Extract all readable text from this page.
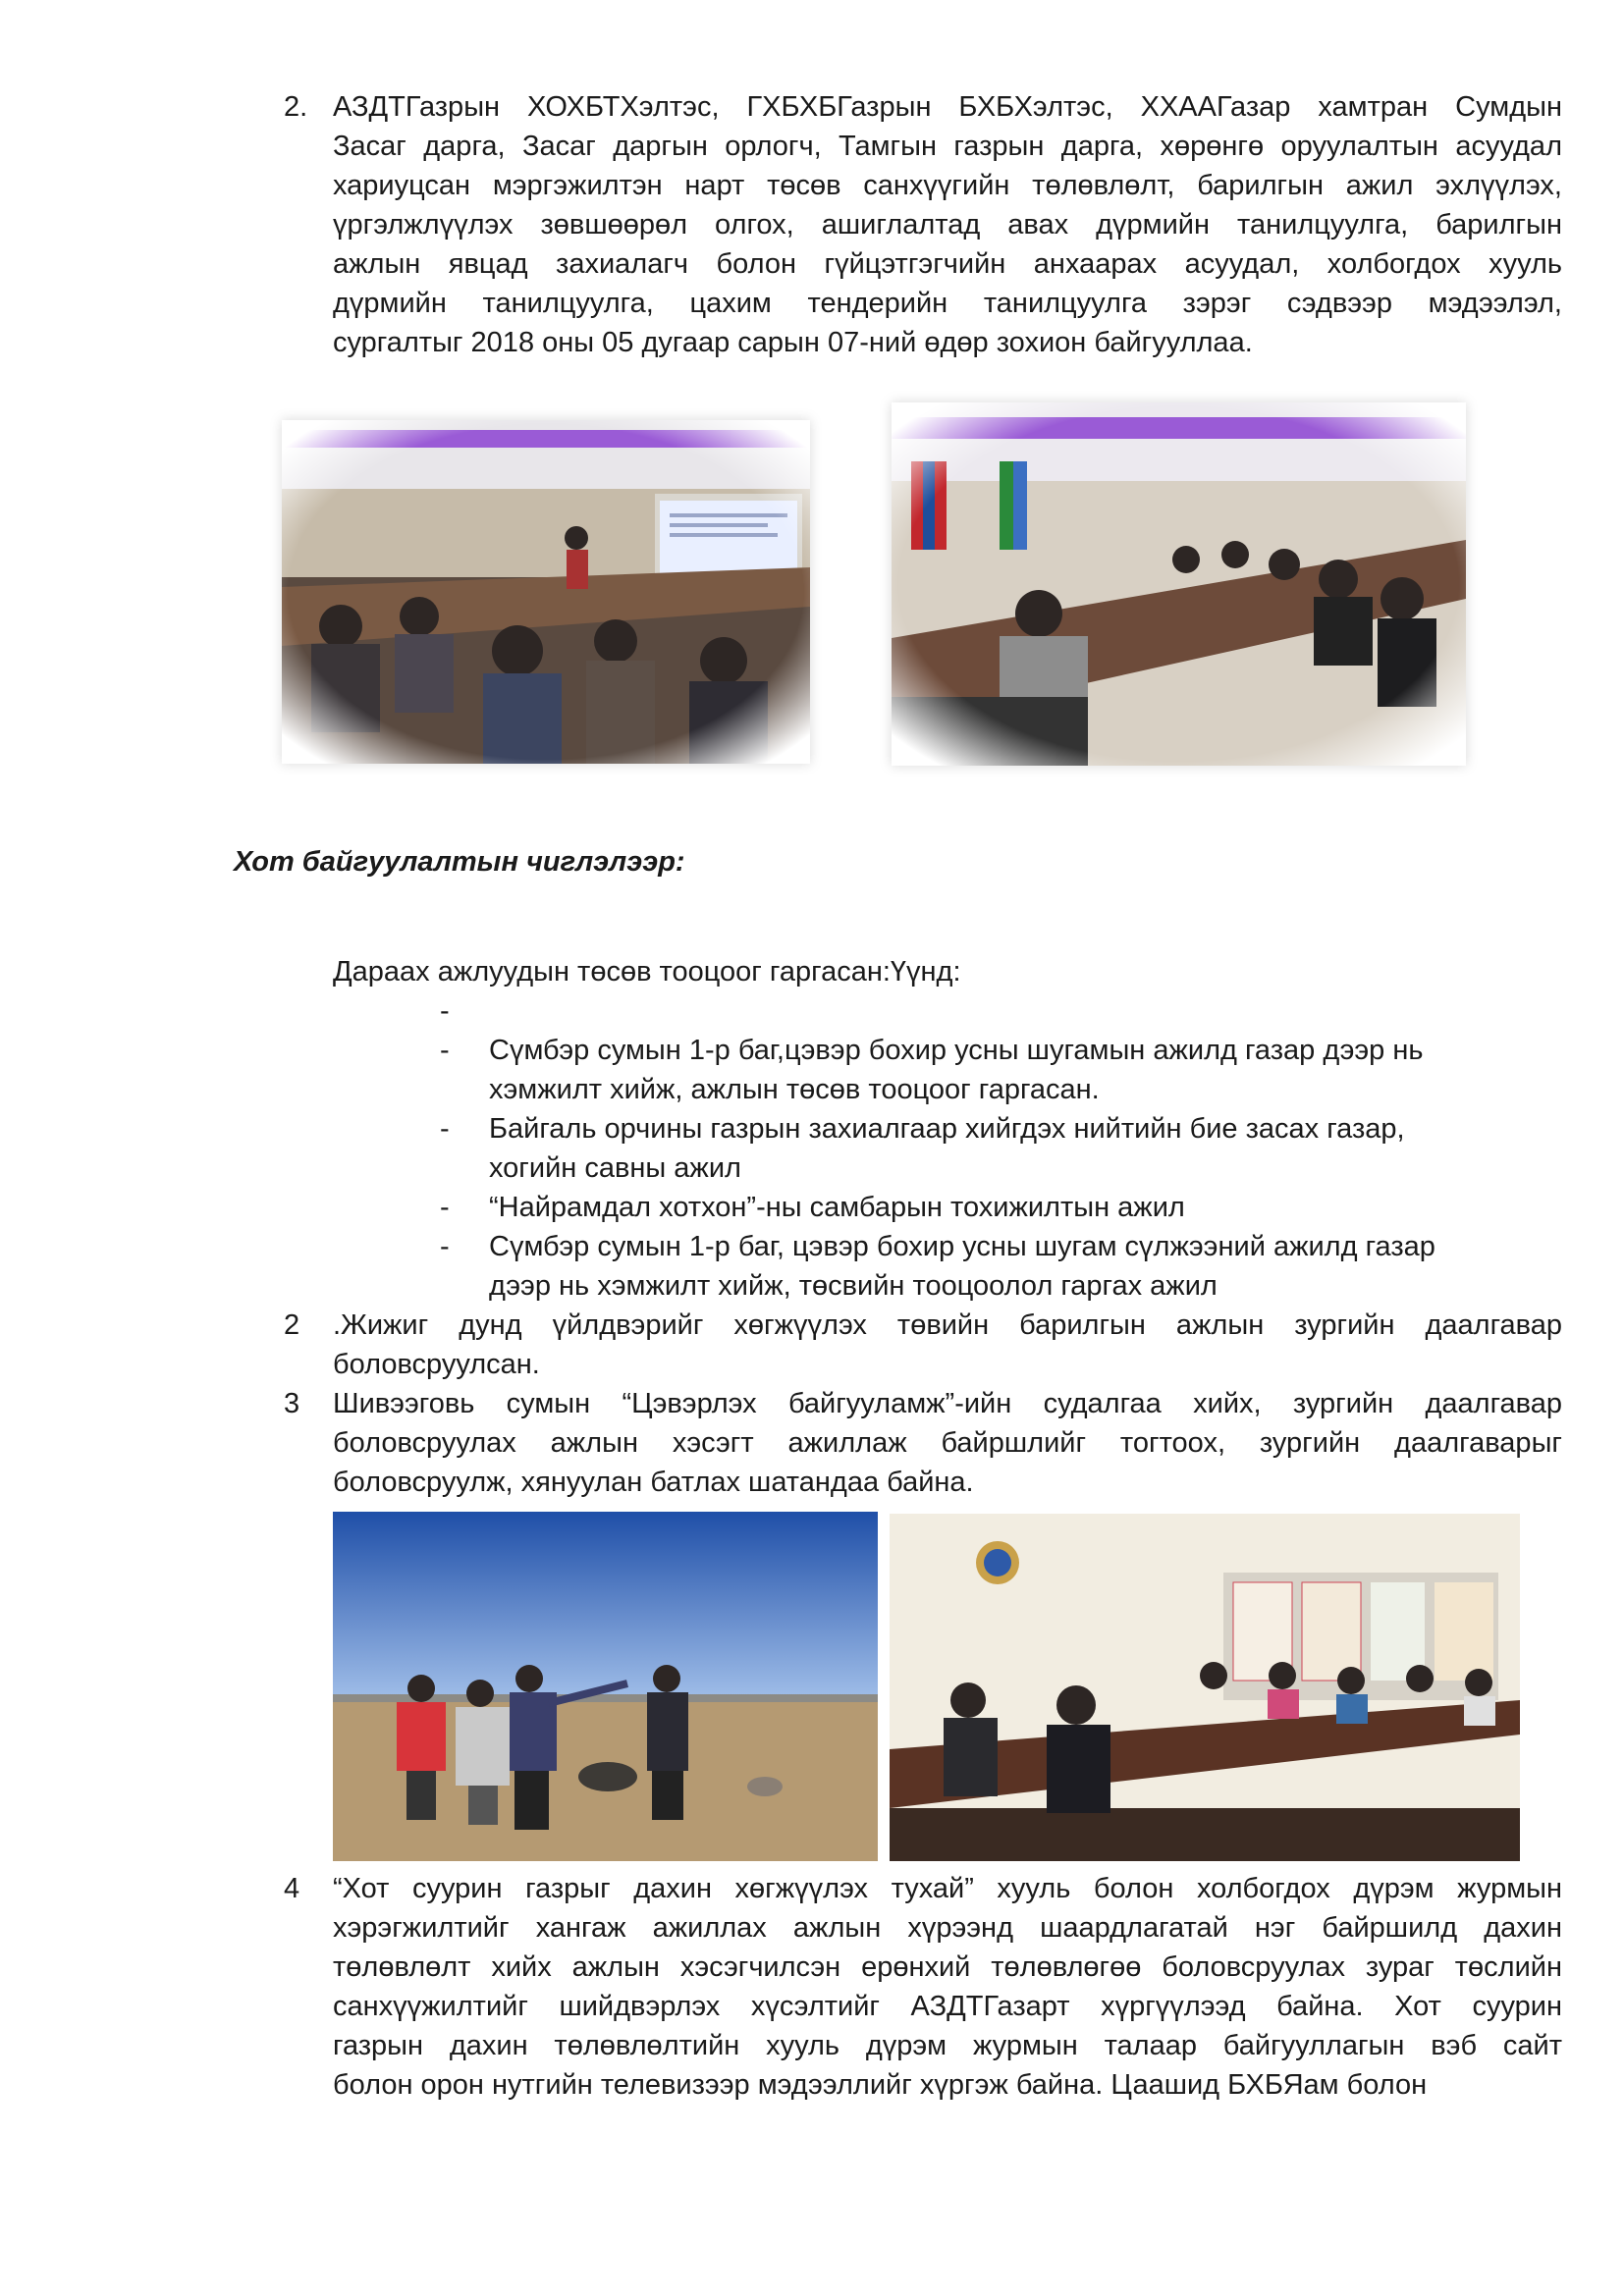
2. АЗДТГазрын ХОХБТХэлтэс, ГХБХБГазрын БХБХэлтэс, ХХААГазар хамтран Сумдын
Засаг дарга, Засаг даргын орлогч, Тамгын газрын дарга, хөрөнгө оруулалтын асуудал
хариуцсан мэргэжилтэн нарт төсөв санхүүгийн төлөвлөлт, барилгын ажил эхлүүлэх,
үргэлжлүүлэх зөвшөөрөл олгох, ашиглалтад авах дүрмийн танилцуулга, барилгын
ажлын явцад захиалагч болон гүйцэтгэгчийн анхаарах асуудал, холбогдох хууль
дүрмийн танилцуулга, цахим тендерийн танилцуулга зэрэг сэдвээр мэдээлэл,
сургалтыг 2018 оны 05 дугаар сарын 07-ний өдөр зохион байгууллаа.
Хот байгуулалтын чиглэлээр:
Дараах ажлуудын төсөв тооцоог гаргасан:Үүнд:
-
- Сүмбэр сумын 1-р баг,цэвэр бохир усны шугамын ажилд газар дээр нь
хэмжилт хийж, ажлын төсөв тооцоог гаргасан.
- Байгаль орчины газрын захиалгаар хийгдэх нийтийн бие засах газар,
хогийн савны ажил
- “Найрамдал хотхон”-ны самбарын тохижилтын ажил
- Сүмбэр сумын 1-р баг, цэвэр бохир усны шугам сүлжээний ажилд газар
дээр нь хэмжилт хийж, төсвийн тооцоолол гаргах ажил
2 .Жижиг дунд үйлдвэрийг хөгжүүлэх төвийн барилгын ажлын зургийн даалгавар
боловсруулсан.
3 Шивээговь сумын “Цэвэрлэх байгууламж”-ийн судалгаа хийх, зургийн даалгавар
боловсруулах ажлын хэсэгт ажиллаж байршлийг тогтоох, зургийн даалгаварыг
боловсруулж, хянуулан батлах шатандаа байна.
4 “Хот суурин газрыг дахин хөгжүүлэх тухай” хууль болон холбогдох дүрэм журмын
хэрэгжилтийг хангаж ажиллах ажлын хүрээнд шаардлагатай нэг байршилд дахин
төлөвлөлт хийх ажлын хэсэгчилсэн ерөнхий төлөвлөгөө боловсруулах зураг төслийн
санхүүжилтийг шийдвэрлэх хүсэлтийг АЗДТГазарт хүргүүлээд байна. Хот суурин
газрын дахин төлөвлөлтийн хууль дүрэм журмын талаар байгууллагын вэб сайт
болон орон нутгийн телевизээр мэдээллийг хүргэж байна. Цаашид БХБЯам болон
